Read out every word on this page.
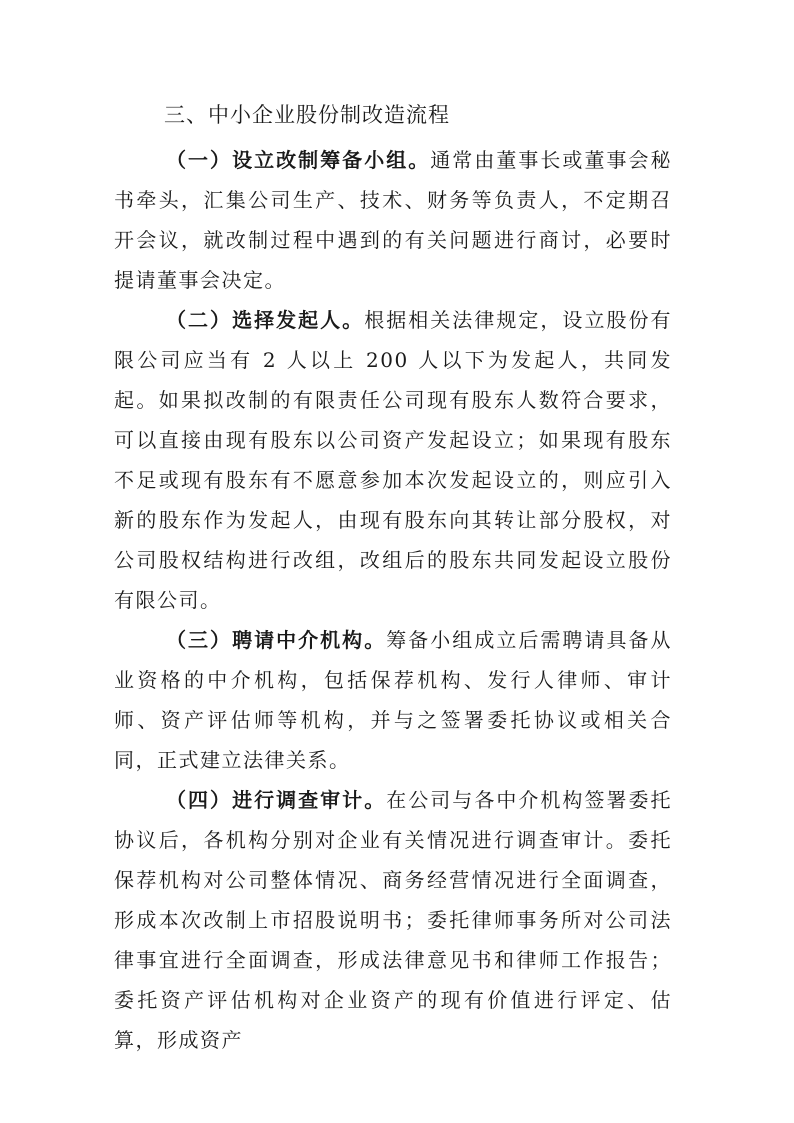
三、中小企业股份制改造流程

（一）设立改制筹备小组。通常由董事长或董事会秘书牵头，汇集公司生产、技术、财务等负责人，不定期召开会议，就改制过程中遇到的有关问题进行商讨，必要时提请董事会决定。

（二）选择发起人。根据相关法律规定，设立股份有限公司应当有 2 人以上 200 人以下为发起人，共同发起。如果拟改制的有限责任公司现有股东人数符合要求，可以直接由现有股东以公司资产发起设立；如果现有股东不足或现有股东有不愿意参加本次发起设立的，则应引入新的股东作为发起人，由现有股东向其转让部分股权，对公司股权结构进行改组，改组后的股东共同发起设立股份有限公司。

（三）聘请中介机构。筹备小组成立后需聘请具备从业资格的中介机构，包括保荐机构、发行人律师、审计师、资产评估师等机构，并与之签署委托协议或相关合同，正式建立法律关系。

（四）进行调查审计。在公司与各中介机构签署委托协议后，各机构分别对企业有关情况进行调查审计。委托保荐机构对公司整体情况、商务经营情况进行全面调查，形成本次改制上市招股说明书；委托律师事务所对公司法律事宜进行全面调查，形成法律意见书和律师工作报告；委托资产评估机构对企业资产的现有价值进行评定、估算，形成资产
